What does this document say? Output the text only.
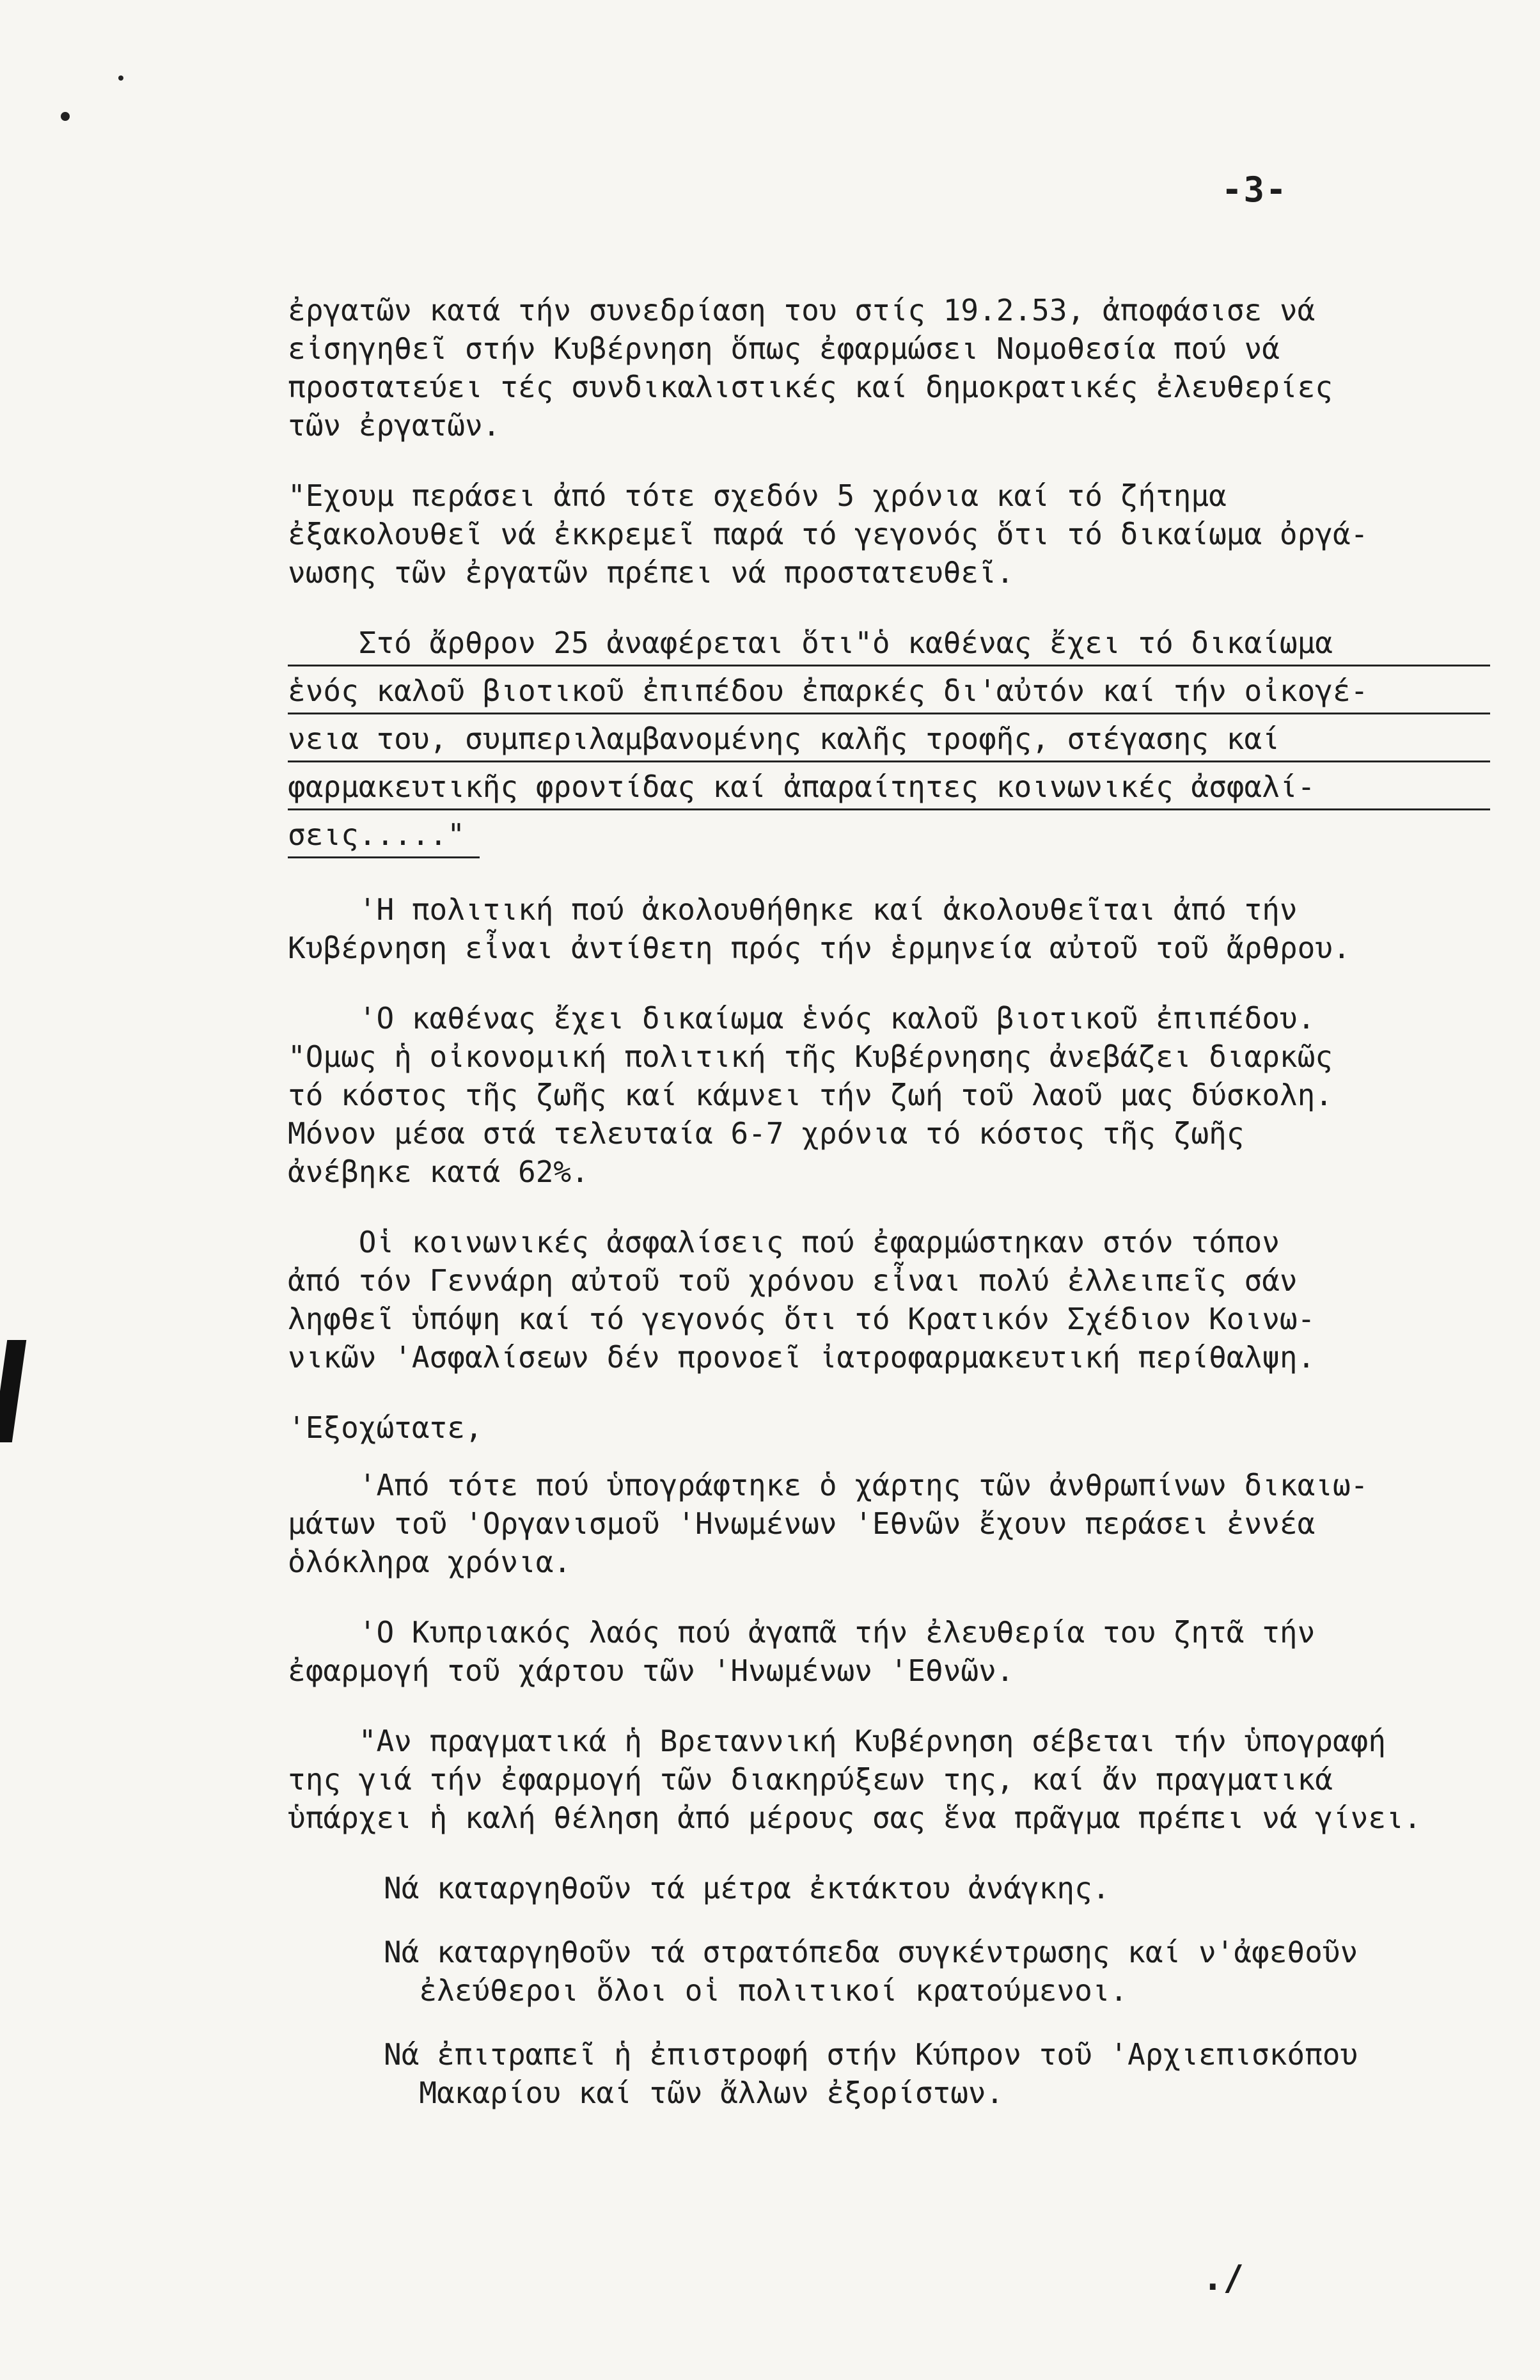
-3-

ἐργατῶν κατά τήν συνεδρίαση του στίς 19.2.53, ἀποφάσισε νά
εἰσηγηθεῖ στήν Κυβέρνηση ὅπως ἐφαρμώσει Νομοθεσία πού νά
προστατεύει τές συνδικαλιστικές καί δημοκρατικές ἐλευθερίες
τῶν ἐργατῶν.

"Εχουμ περάσει ἀπό τότε σχεδόν 5 χρόνια καί τό ζήτημα
ἐξακολουθεῖ νά ἐκκρεμεῖ παρά τό γεγονός ὅτι τό δικαίωμα ὀργά-
νωσης τῶν ἐργατῶν πρέπει νά προστατευθεῖ.

Στό ἄρθρον 25 ἀναφέρεται ὅτι"ὁ καθένας ἔχει τό δικαίωμα
ἑνός καλοῦ βιοτικοῦ ἐπιπέδου ἐπαρκές δι'αὐτόν καί τήν οἰκογέ-
νεια του, συμπεριλαμβανομένης καλῆς τροφῆς, στέγασης καί
φαρμακευτικῆς φροντίδας καί ἀπαραίτητες κοινωνικές ἀσφαλί-
σεις....."

'Η πολιτική πού ἀκολουθήθηκε καί ἀκολουθεῖται ἀπό τήν
Κυβέρνηση εἶναι ἀντίθετη πρός τήν ἑρμηνεία αὐτοῦ τοῦ ἄρθρου.

'Ο καθένας ἔχει δικαίωμα ἑνός καλοῦ βιοτικοῦ ἐπιπέδου.
"Ομως ἡ οἰκονομική πολιτική τῆς Κυβέρνησης ἀνεβάζει διαρκῶς
τό κόστος τῆς ζωῆς καί κάμνει τήν ζωή τοῦ λαοῦ μας δύσκολη.
Μόνον μέσα στά τελευταία 6-7 χρόνια τό κόστος τῆς ζωῆς
ἀνέβηκε κατά 62%.

Οἱ κοινωνικές ἀσφαλίσεις πού ἐφαρμώστηκαν στόν τόπον
ἀπό τόν Γεννάρη αὐτοῦ τοῦ χρόνου εἶναι πολύ ἐλλειπεῖς σάν
ληφθεῖ ὑπόψη καί τό γεγονός ὅτι τό Κρατικόν Σχέδιον Κοινω-
νικῶν 'Ασφαλίσεων δέν προνοεῖ ἰατροφαρμακευτική περίθαλψη.

'Εξοχώτατε,

'Από τότε πού ὑπογράφτηκε ὁ χάρτης τῶν ἀνθρωπίνων δικαιω-
μάτων τοῦ 'Οργανισμοῦ 'Ηνωμένων 'Εθνῶν ἔχουν περάσει ἐννέα
ὁλόκληρα χρόνια.

'Ο Κυπριακός λαός πού ἀγαπᾶ τήν ἐλευθερία του ζητᾶ τήν
ἐφαρμογή τοῦ χάρτου τῶν 'Ηνωμένων 'Εθνῶν.

"Αν πραγματικά ἡ Βρεταννική Κυβέρνηση σέβεται τήν ὑπογραφή
της γιά τήν ἐφαρμογή τῶν διακηρύξεων της, καί ἄν πραγματικά
ὑπάρχει ἡ καλή θέληση ἀπό μέρους σας ἕνα πρᾶγμα πρέπει νά γίνει.

Νά καταργηθοῦν τά μέτρα ἐκτάκτου ἀνάγκης.

Νά καταργηθοῦν τά στρατόπεδα συγκέντρωσης καί ν'ἀφεθοῦν
ἐλεύθεροι ὅλοι οἱ πολιτικοί κρατούμενοι.

Νά ἐπιτραπεῖ ἡ ἐπιστροφή στήν Κύπρον τοῦ 'Αρχιεπισκόπου
Μακαρίου καί τῶν ἄλλων ἐξορίστων.

./
